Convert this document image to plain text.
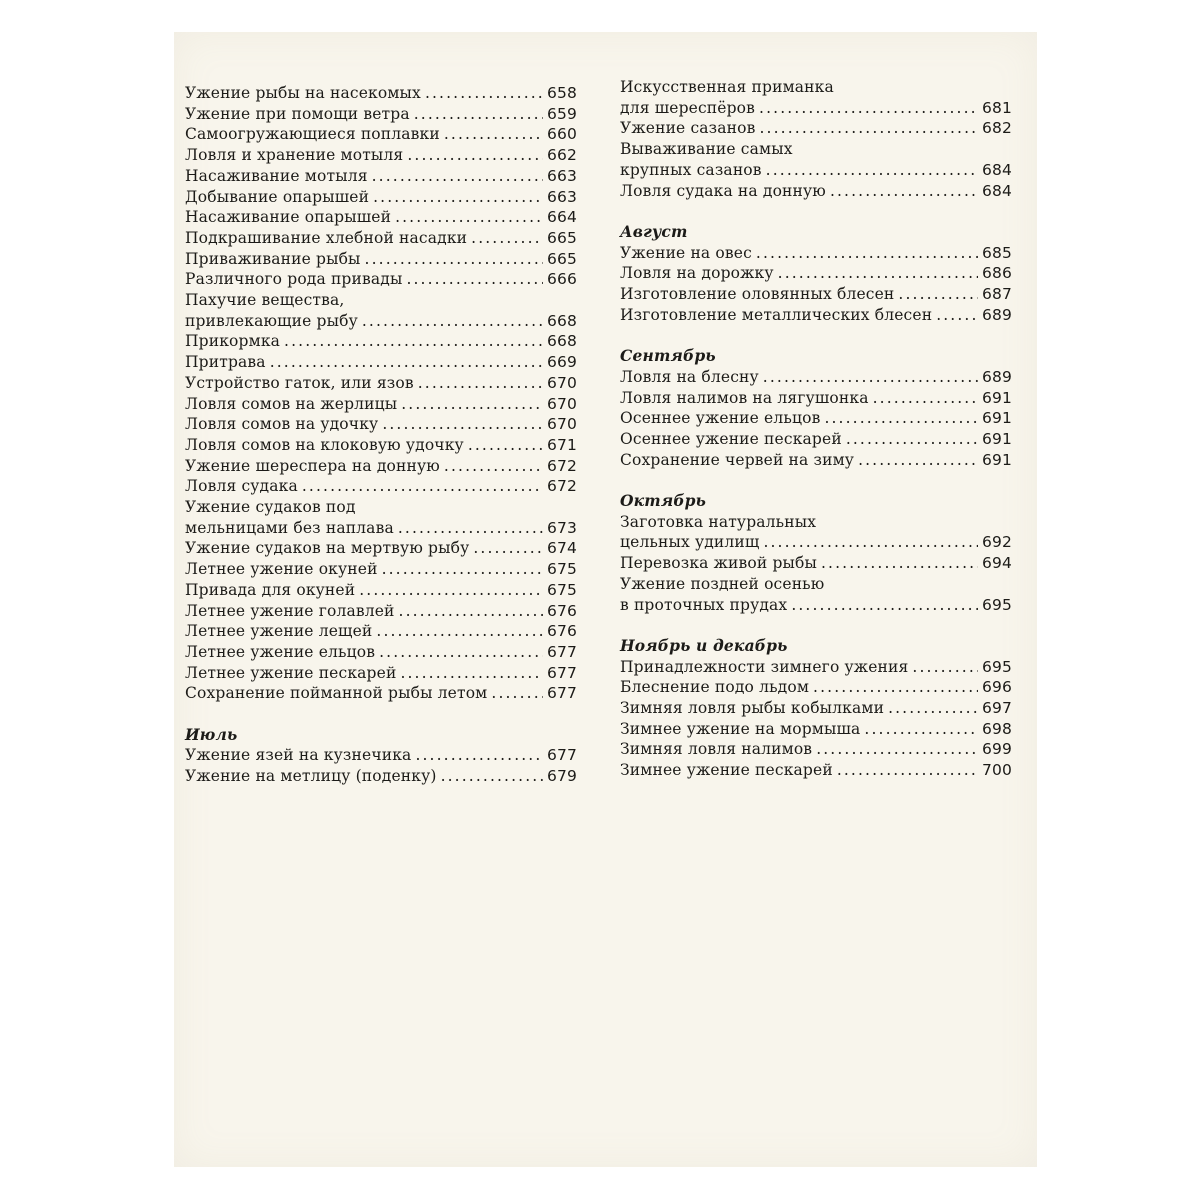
Ужение рыбы на насекомых . . .	658
Ужение при помощи ветра . . .	659
Самоогружающиеся поплавки . . .	660
Ловля и хранение мотыля . . .	662
Насаживание мотыля . . .	663
Добывание опарышей . . .	663
Насаживание опарышей . . .	664
Подкрашивание хлебной насадки . . .	665
Приваживание рыбы . . .	665
Различного рода привады . . .	666
Пахучие вещества,
привлекающие рыбу . . .	668
Прикормка . . .	668
Притрава . . .	669
Устройство гаток, или язов . . .	670
Ловля сомов на жерлицы . . .	670
Ловля сомов на удочку . . .	670
Ловля сомов на клоковую удочку . . .	671
Ужение шереспера на донную . . .	672
Ловля судака . . .	672
Ужение судаков под
мельницами без наплава . . .	673
Ужение судаков на мертвую рыбу . . .	674
Летнее ужение окуней . . .	675
Привада для окуней . . .	675
Летнее ужение голавлей . . .	676
Летнее ужение лещей . . .	676
Летнее ужение ельцов . . .	677
Летнее ужение пескарей . . .	677
Сохранение пойманной рыбы летом . . .	677
Июль
Ужение язей на кузнечика . . .	677
Ужение на метлицу (поденку) . . .	679
Искусственная приманка
для шереспёров . . .	681
Ужение сазанов . . .	682
Вываживание самых
крупных сазанов . . .	684
Ловля судака на донную . . .	684
Август
Ужение на овес . . .	685
Ловля на дорожку . . .	686
Изготовление оловянных блесен . . .	687
Изготовление металлических блесен . . .	689
Сентябрь
Ловля на блесну . . .	689
Ловля налимов на лягушонка . . .	691
Осеннее ужение ельцов . . .	691
Осеннее ужение пескарей . . .	691
Сохранение червей на зиму . . .	691
Октябрь
Заготовка натуральных
цельных удилищ . . .	692
Перевозка живой рыбы . . .	694
Ужение поздней осенью
в проточных прудах . . .	695
Ноябрь и декабрь
Принадлежности зимнего ужения . . .	695
Блеснение подо льдом . . .	696
Зимняя ловля рыбы кобылками . . .	697
Зимнее ужение на мормыша . . .	698
Зимняя ловля налимов . . .	699
Зимнее ужение пескарей . . .	700
